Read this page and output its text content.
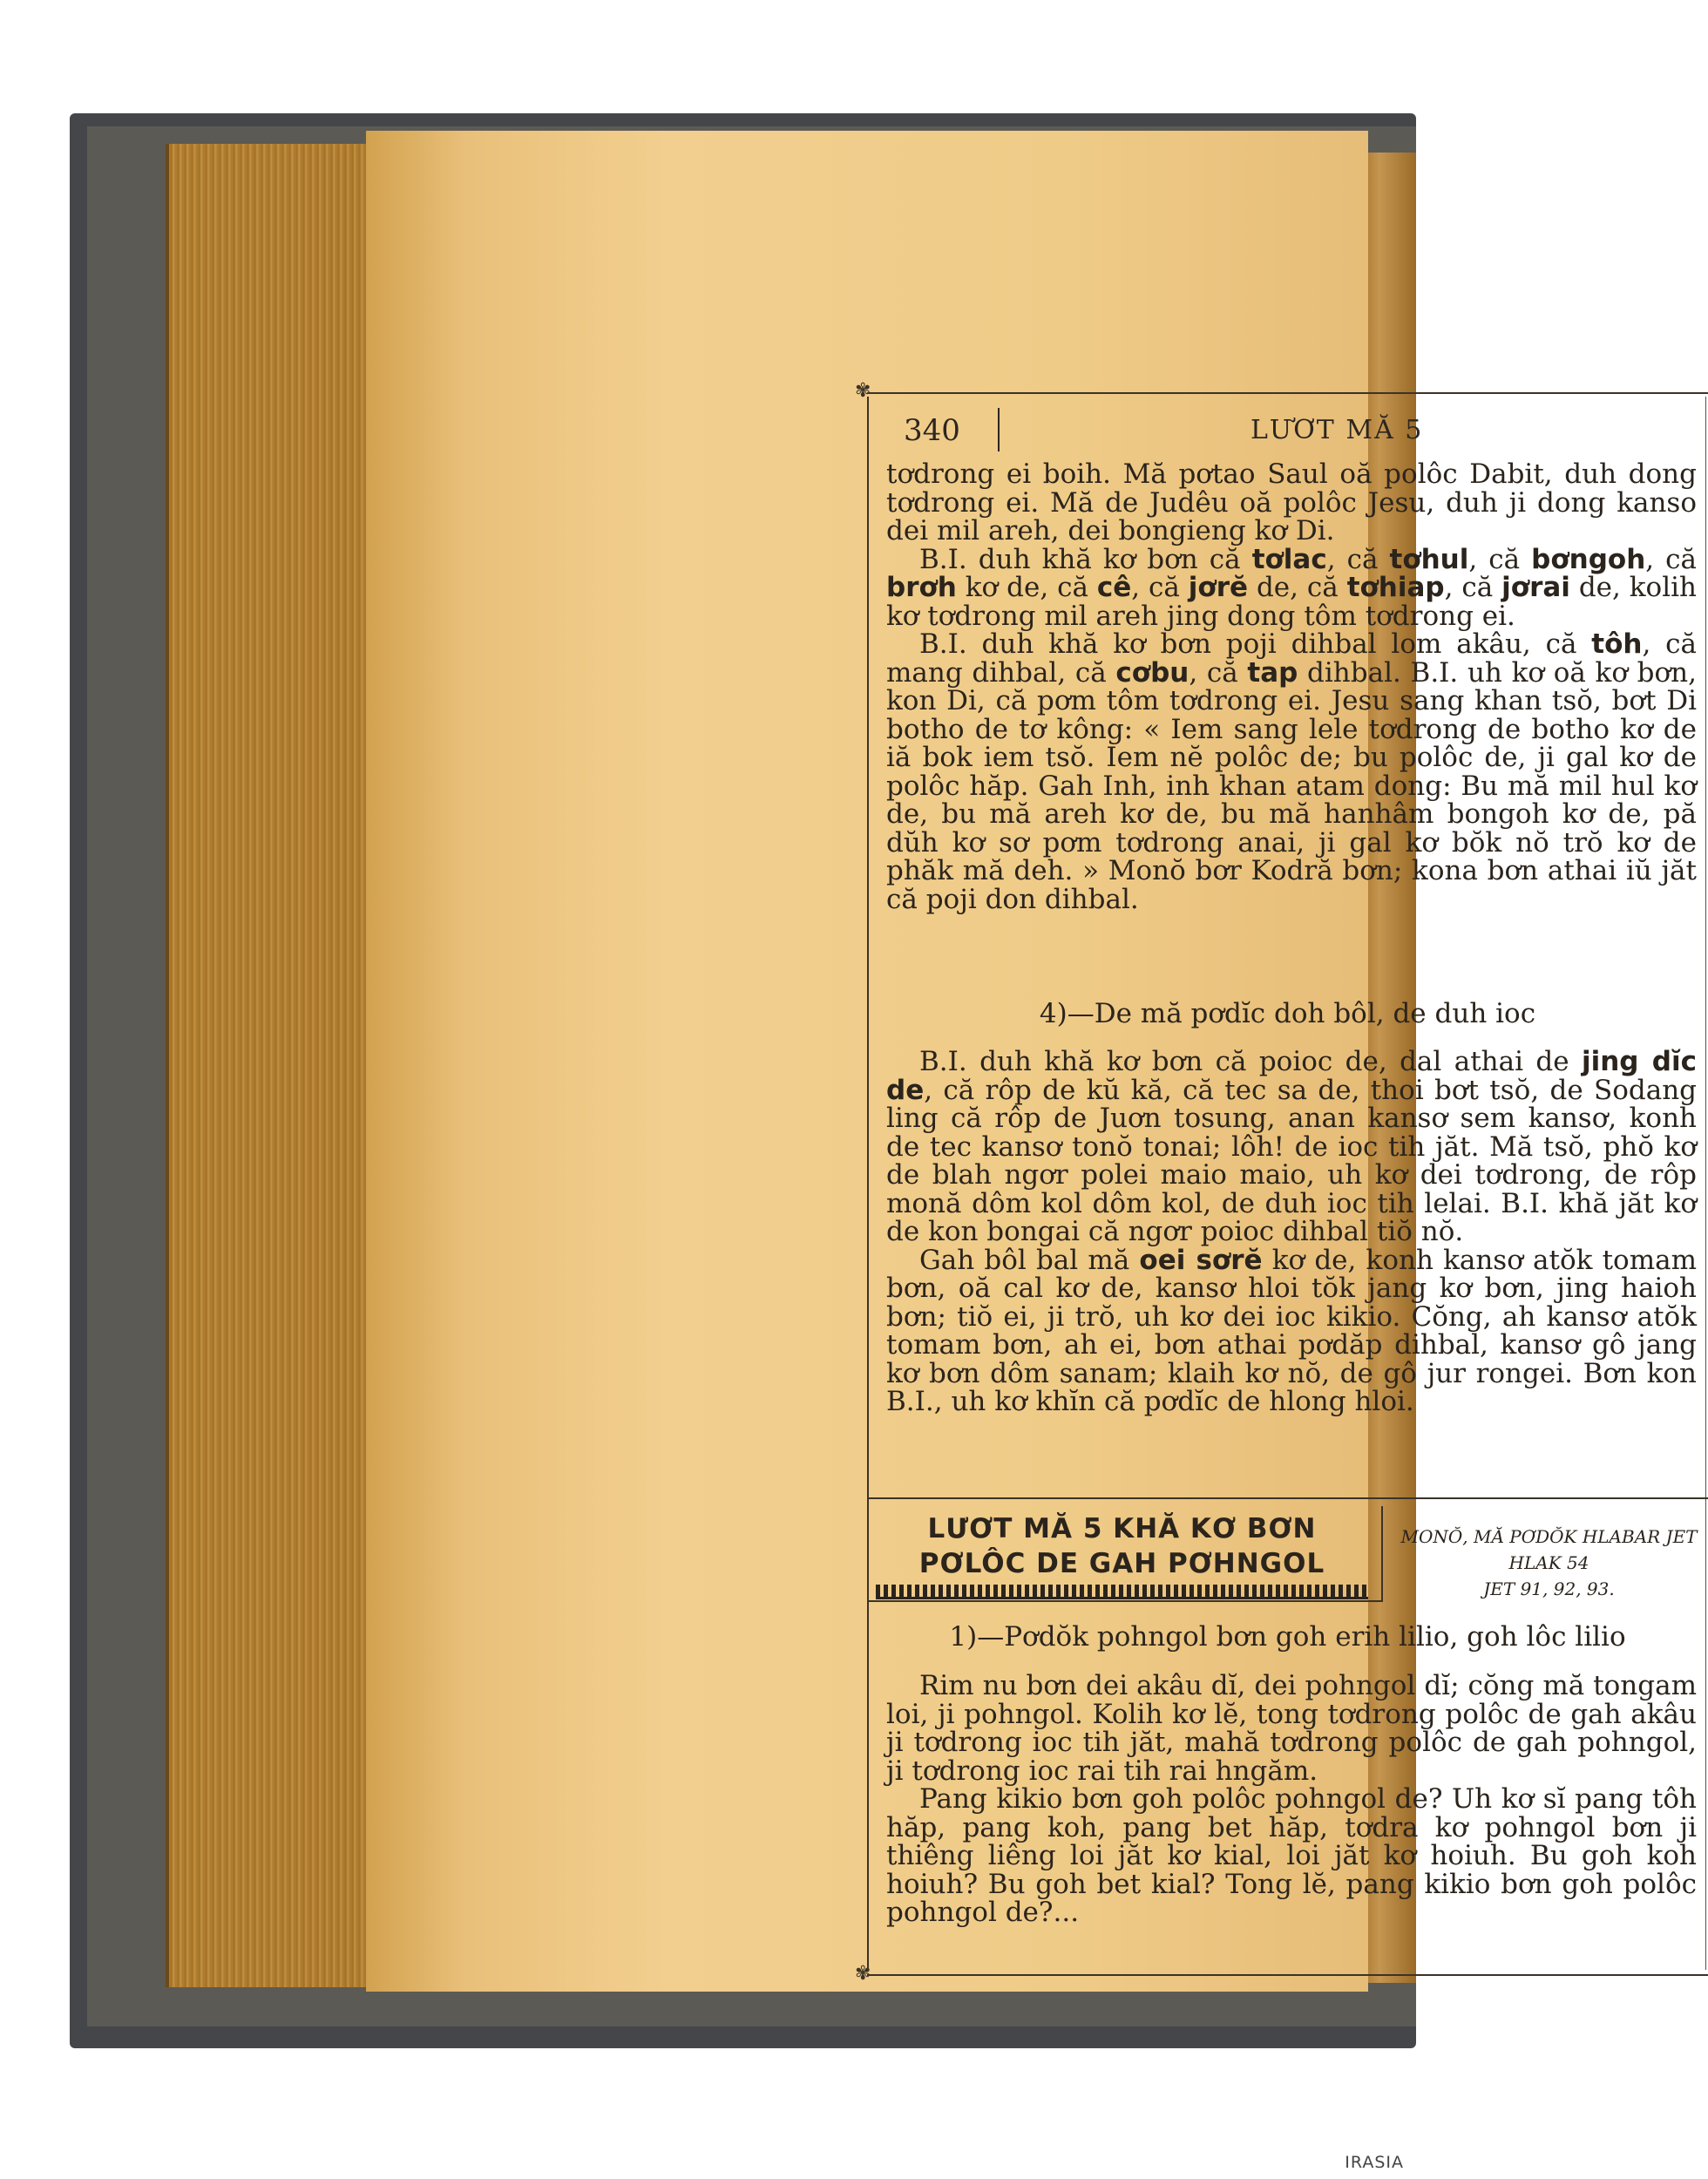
✾
340	LƯƠT MĂ 5

tơdrong ei boih. Mă pơtao Saul oă polôc Dabit, duh dong tơdrong ei. Mă de Judêu oă polôc Jesu, duh ji dong kanso dei mil areh, dei bongieng kơ Di.

B.I. duh khă kơ bơn că tơlac, că tơhul, că bơngoh, că brơh kơ de, că cê, că jơrĕ de, că tơhiap, că jơrai de, kolih kơ tơdrong mil areh jing dong tôm tơdrong ei.

B.I. duh khă kơ bơn poji dihbal lom akâu, că tôh, că mang dihbal, că cơbu, că tap dihbal. B.I. uh kơ oă kơ bơn, kon Di, că pơm tôm tơdrong ei. Jesu sang khan tsŏ, bơt Di botho de tơ kông: « Iem sang lele tơdrong de botho kơ de iă bok iem tsŏ. Iem nĕ polôc de; bu polôc de, ji gal kơ de polôc hăp. Gah Inh, inh khan atam dong: Bu mă mil hul kơ de, bu mă areh kơ de, bu mă hanhâm bongoh kơ de, pă dŭh kơ sơ pơm tơdrong anai, ji gal kơ bŏk nŏ trŏ kơ de phăk mă deh. » Monŏ bơr Kodră bơn; kona bơn athai iŭ jăt că poji don dihbal.

4)—De mă pơdĭc doh bôl, de duh ioc

B.I. duh khă kơ bơn că poioc de, dal athai de jing dĭc de, că rôp de kŭ kă, că tec sa de, thoi bơt tsŏ, de Sodang ling că rôp de Juơn tosung, anan kansơ sem kansơ, konh de tec kansơ tonŏ tonai; lôh! de ioc tih jăt. Mă tsŏ, phŏ kơ de blah ngơr polei maio maio, uh kơ dei tơdrong, de rôp monă dôm kol dôm kol, de duh ioc tih lelai. B.I. khă jăt kơ de kon bongai că ngơr poioc dihbal tiŏ nŏ.

Gah bôl bal mă oei sơrĕ kơ de, konh kansơ atŏk tomam bơn, oă cal kơ de, kansơ hloi tŏk jang kơ bơn, jing haioh bơn; tiŏ ei, ji trŏ, uh kơ dei ioc kikio. Cŏng, ah kansơ atŏk tomam bơn, ah ei, bơn athai pơdăp dihbal, kansơ gô jang kơ bơn dôm sanam; klaih kơ nŏ, de gô jur rongei. Bơn kon B.I., uh kơ khĭn că pơdĭc de hlong hloi.

LƯƠT MĂ 5 KHĂ KƠ BƠN
PƠLÔC DE GAH PƠHNGOL
MONŎ, MĂ PƠDŎK HLABAR JET
HLAK 54
JET 91, 92, 93.
1)—Pơdŏk pohngol bơn goh erih lilio, goh lôc lilio

Rim nu bơn dei akâu dĭ, dei pohngol dĭ; cŏng mă tongam loi, ji pohngol. Kolih kơ lĕ, tong tơdrong polôc de gah akâu ji tơdrong ioc tih jăt, mahă tơdrong polôc de gah pohngol, ji tơdrong ioc rai tih rai hngăm.

Pang kikio bơn goh polôc pohngol de? Uh kơ sĭ pang tôh hăp, pang koh, pang bet hăp, tơdra kơ pohngol bơn ji thiêng liêng loi jăt kơ kial, loi jăt kơ hoiuh. Bu goh koh hoiuh? Bu goh bet kial? Tong lĕ, pang kikio bơn goh polôc pohngol de?...

✾
IRASIA
